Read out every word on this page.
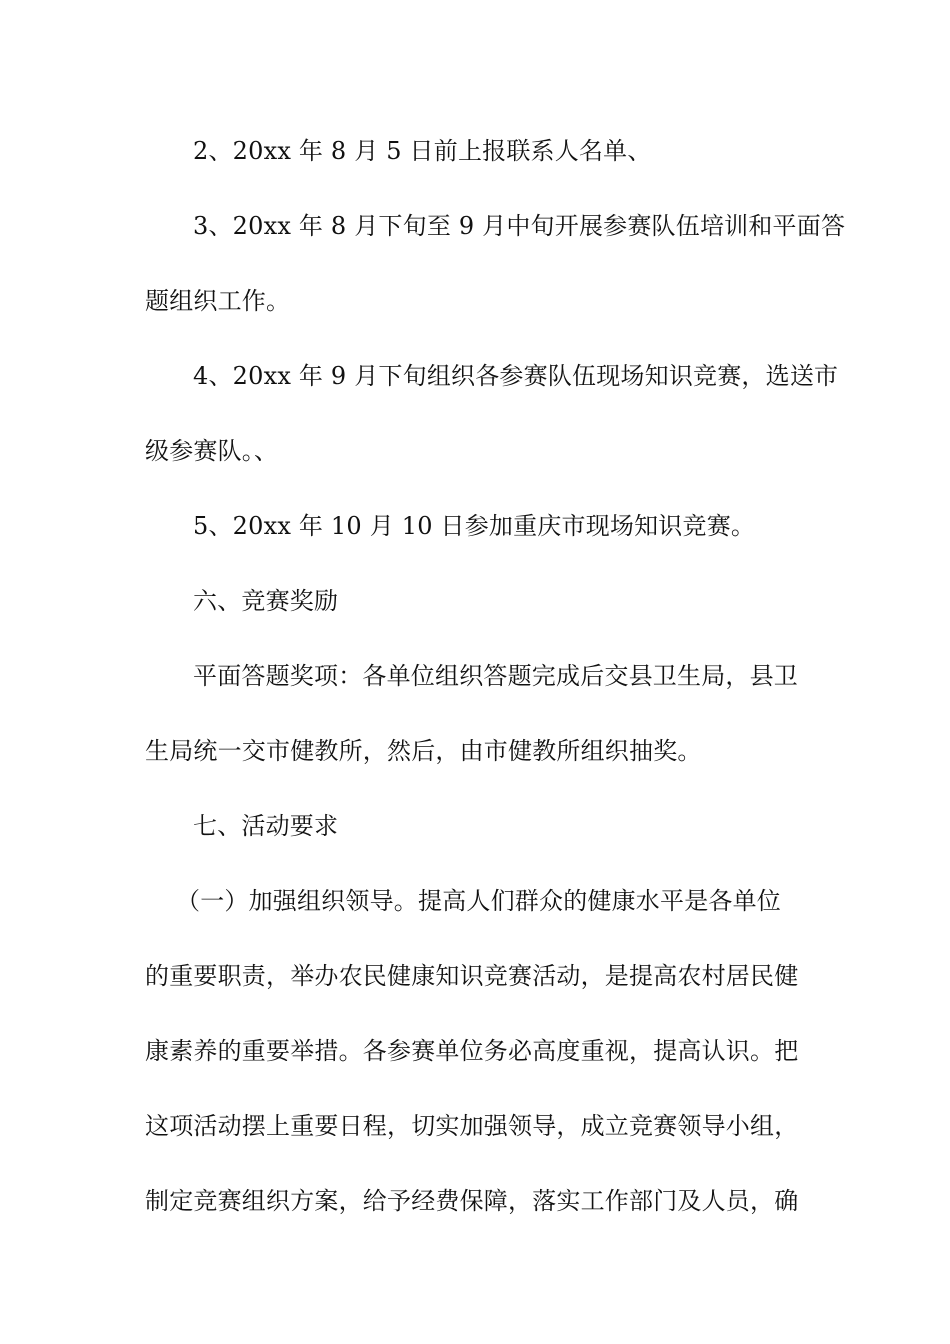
2、20xx 年 8 月 5 日前上报联系人名单、
3、20xx 年 8 月下旬至 9 月中旬开展参赛队伍培训和平面答
题组织工作。
4、20xx 年 9 月下旬组织各参赛队伍现场知识竞赛，选送市
级参赛队。、
5、20xx 年 10 月 10 日参加重庆市现场知识竞赛。
六、竞赛奖励
平面答题奖项：各单位组织答题完成后交县卫生局，县卫
生局统一交市健教所，然后，由市健教所组织抽奖。
七、活动要求
（一）加强组织领导。提高人们群众的健康水平是各单位
的重要职责，举办农民健康知识竞赛活动，是提高农村居民健
康素养的重要举措。各参赛单位务必高度重视，提高认识。把
这项活动摆上重要日程，切实加强领导，成立竞赛领导小组，
制定竞赛组织方案，给予经费保障，落实工作部门及人员，确
